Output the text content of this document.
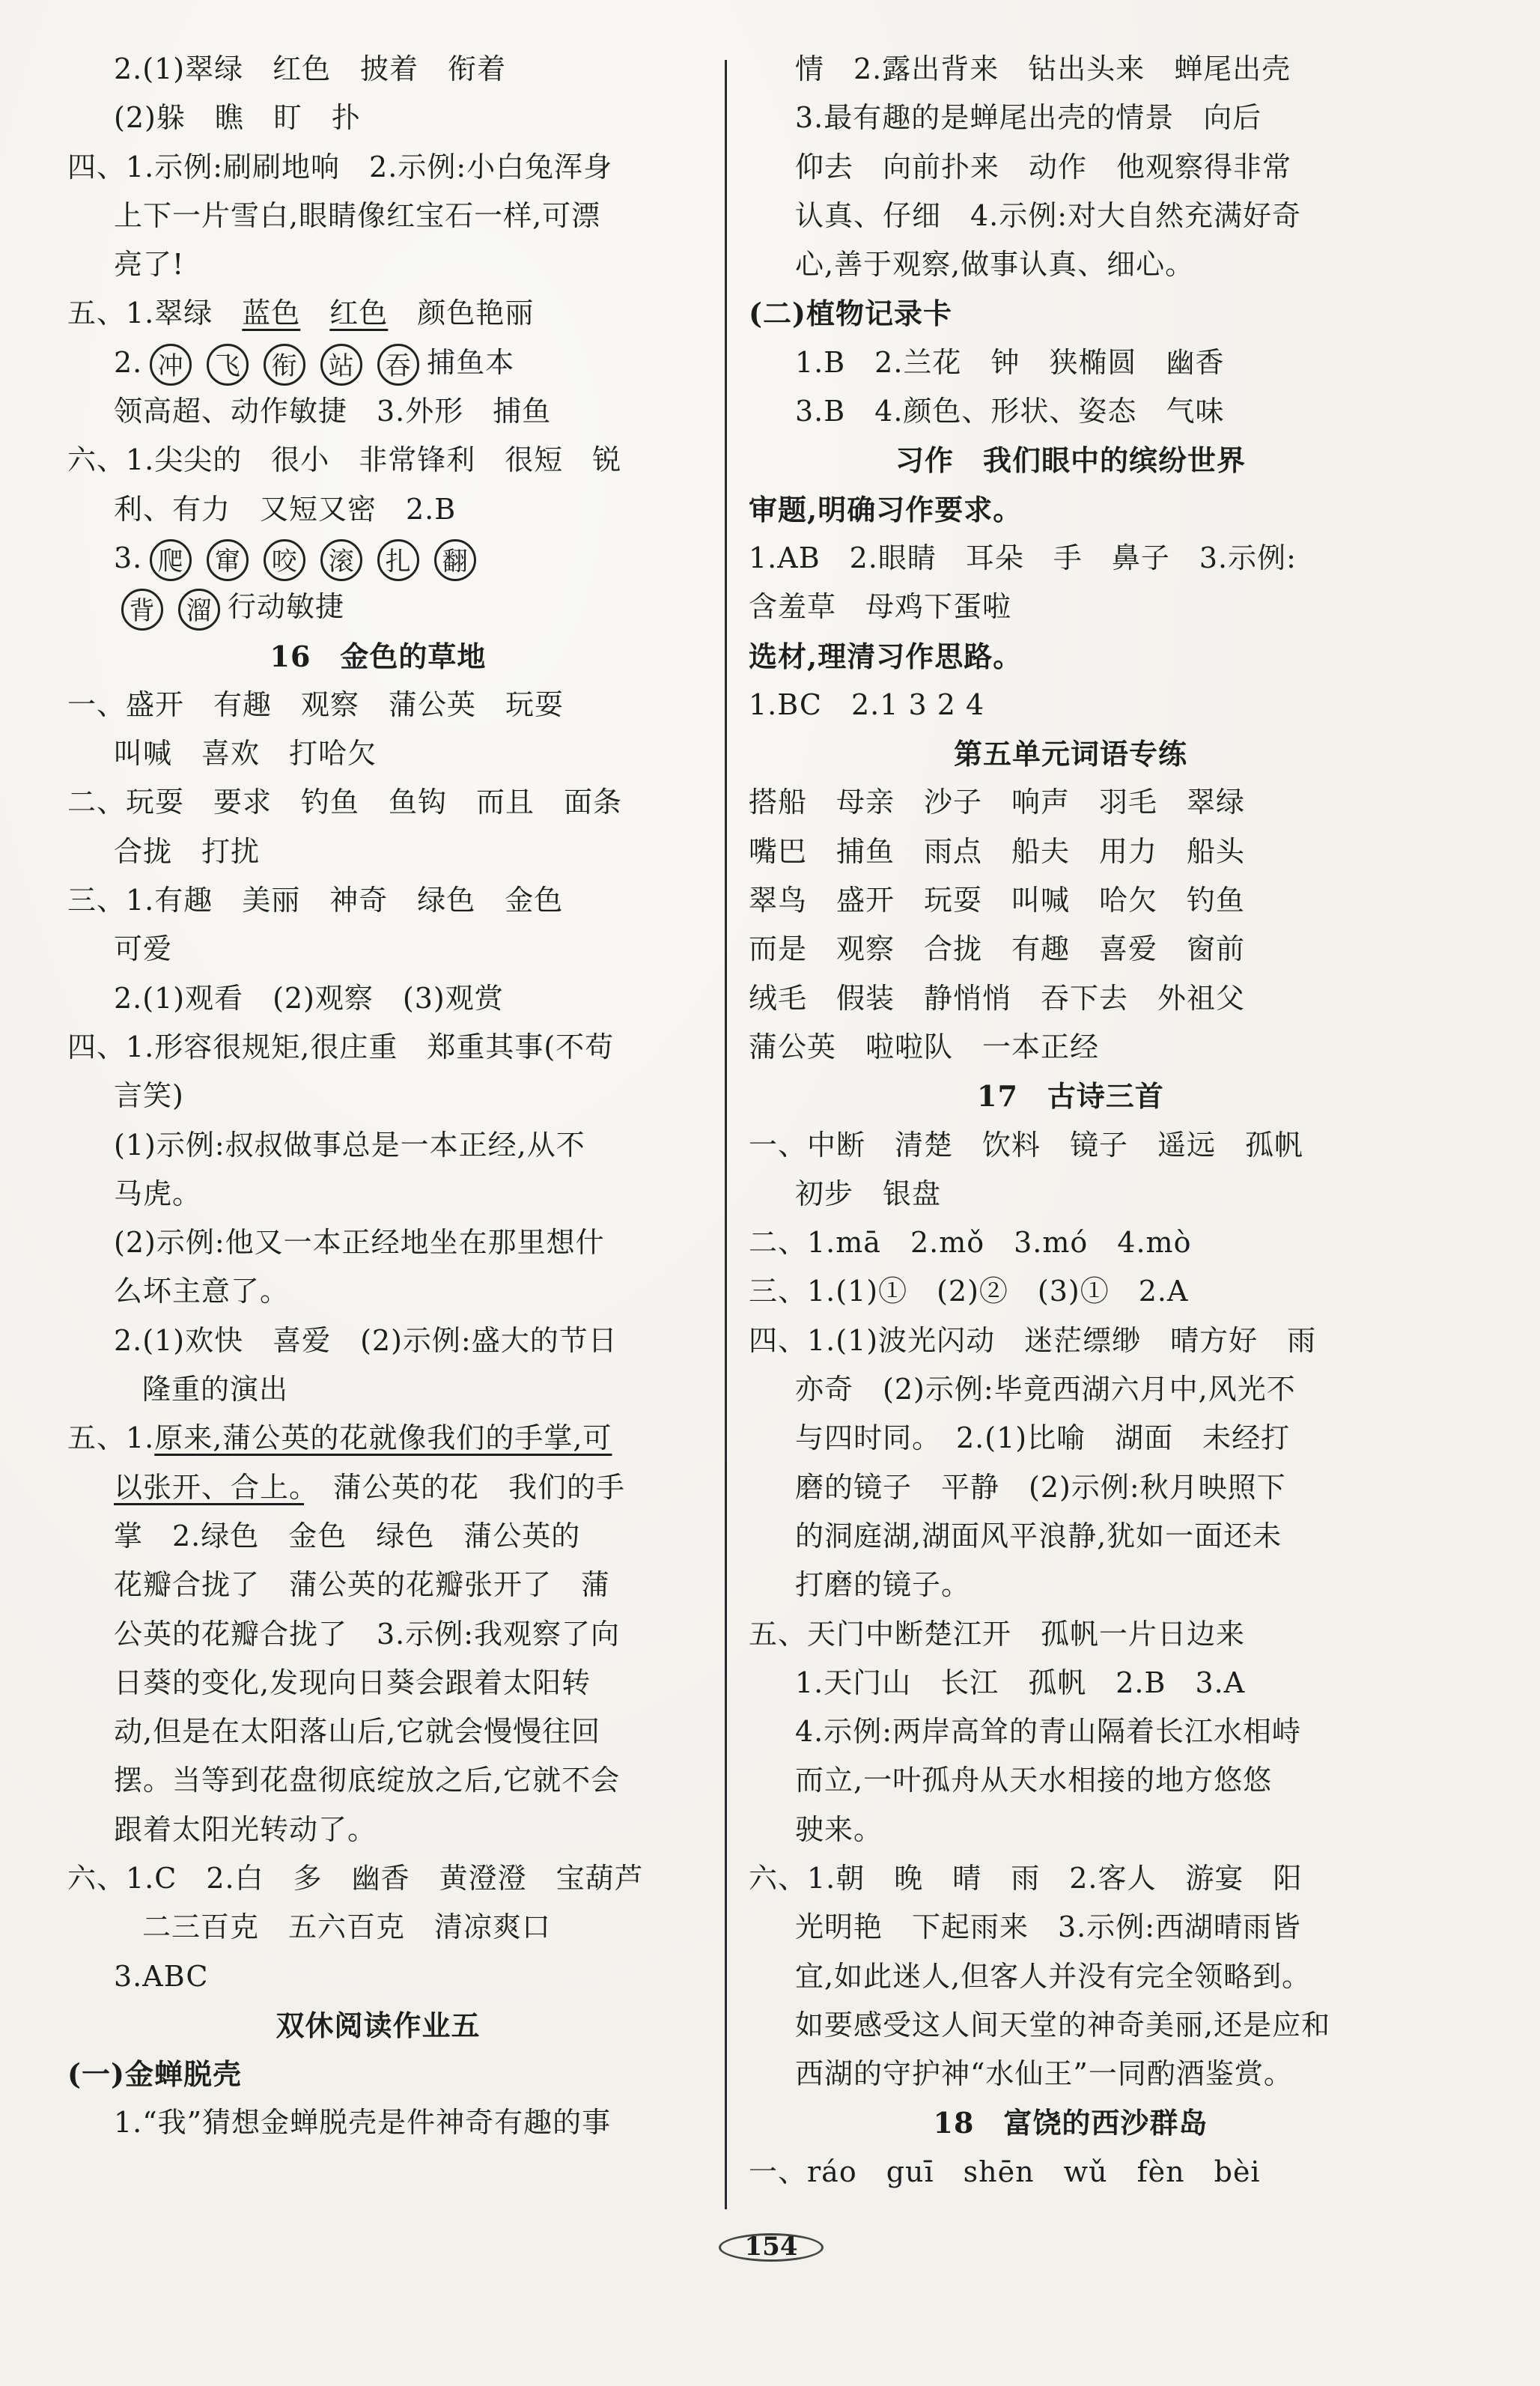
2.(1)翠绿　红色　披着　衔着
(2)躲　瞧　盯　扑
四、1.示例:刷刷地响　2.示例:小白兔浑身
上下一片雪白,眼睛像红宝石一样,可漂
亮了!
五、1.翠绿　蓝色　 红色　颜色艳丽
2. 冲 飞 衔 站 吞 捕鱼本
领高超、动作敏捷　3.外形　捕鱼
六、1.尖尖的　很小　非常锋利　很短　锐
利、有力　又短又密　2.B
3. 爬 窜 咬 滚 扎 翻
背 溜 行动敏捷
16　金色的草地
一、盛开　有趣　观察　蒲公英　玩耍
叫喊　喜欢　打哈欠
二、玩耍　要求　钓鱼　鱼钩　而且　面条
合拢　打扰
三、1.有趣　美丽　神奇　绿色　金色
可爱
2.(1)观看　(2)观察　(3)观赏
四、1.形容很规矩,很庄重　郑重其事(不苟
言笑)
(1)示例:叔叔做事总是一本正经,从不
马虎。
(2)示例:他又一本正经地坐在那里想什
么坏主意了。
2.(1)欢快　喜爱　(2)示例:盛大的节日
隆重的演出
五、1.原来,蒲公英的花就像我们的手掌,可
以张开、合上。　蒲公英的花　我们的手
掌　2.绿色　金色　绿色　蒲公英的
花瓣合拢了　蒲公英的花瓣张开了　蒲
公英的花瓣合拢了　3.示例:我观察了向
日葵的变化,发现向日葵会跟着太阳转
动,但是在太阳落山后,它就会慢慢往回
摆。当等到花盘彻底绽放之后,它就不会
跟着太阳光转动了。
六、1.C　2.白　多　幽香　黄澄澄　宝葫芦
二三百克　五六百克　清凉爽口
3.ABC
双休阅读作业五
(一)金蝉脱壳
1.“我”猜想金蝉脱壳是件神奇有趣的事
情　2.露出背来　钻出头来　蝉尾出壳
3.最有趣的是蝉尾出壳的情景　向后
仰去　向前扑来　动作　他观察得非常
认真、仔细　4.示例:对大自然充满好奇
心,善于观察,做事认真、细心。
(二)植物记录卡
1.B　2.兰花　钟　狭椭圆　幽香
3.B　4.颜色、形状、姿态　气味
习作　我们眼中的缤纷世界
审题,明确习作要求。
1.AB　2.眼睛　耳朵　手　鼻子　3.示例:
含羞草　母鸡下蛋啦
选材,理清习作思路。
1.BC　2.1 3 2 4
第五单元词语专练
搭船　母亲　沙子　响声　羽毛　翠绿
嘴巴　捕鱼　雨点　船夫　用力　船头
翠鸟　盛开　玩耍　叫喊　哈欠　钓鱼
而是　观察　合拢　有趣　喜爱　窗前
绒毛　假装　静悄悄　吞下去　外祖父
蒲公英　啦啦队　一本正经
17　古诗三首
一、中断　清楚　饮料　镜子　遥远　孤帆
初步　银盘
二、1.mā　2.mǒ　3.mó　4.mò
三、1.(1)①　(2)②　(3)①　2.A
四、1.(1)波光闪动　迷茫缥缈　晴方好　雨
亦奇　(2)示例:毕竟西湖六月中,风光不
与四时同。　2.(1)比喻　湖面　未经打
磨的镜子　平静　(2)示例:秋月映照下
的洞庭湖,湖面风平浪静,犹如一面还未
打磨的镜子。
五、天门中断楚江开　孤帆一片日边来
1.天门山　长江　孤帆　2.B　3.A
4.示例:两岸高耸的青山隔着长江水相峙
而立,一叶孤舟从天水相接的地方悠悠
驶来。
六、1.朝　晚　晴　雨　2.客人　游宴　阳
光明艳　下起雨来　3.示例:西湖晴雨皆
宜,如此迷人,但客人并没有完全领略到。
如要感受这人间天堂的神奇美丽,还是应和
西湖的守护神“水仙王”一同酌酒鉴赏。
18　富饶的西沙群岛
一、ráo　guī　shēn　wǔ　fèn　bèi
154
